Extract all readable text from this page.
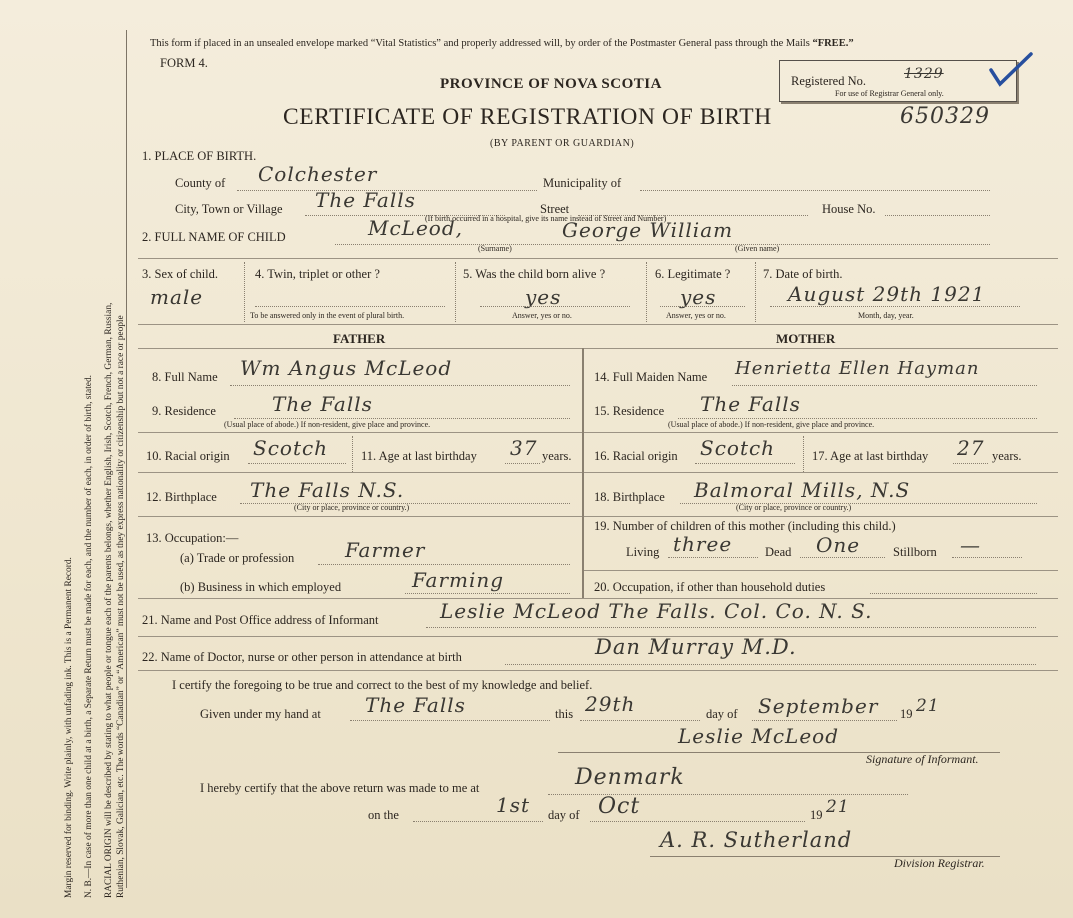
Margin reserved for binding. Write plainly, with unfading ink. This is a Permanent Record. N. B.—In case of more than one child at a birth, a Separate Return must be made for each, and the number of each, in order of birth, stated. RACIAL ORIGIN will be described by stating to what people or tongue each of the parents belongs, whether English, Irish, Scotch, French, German, Russian, Ruthenian, Slovak, Galician, etc. The words “Canadian” or “American” must not be used, as they express nationality or citizenship but not a race or people
This form if placed in an unsealed envelope marked “Vital Statistics” and properly addressed will, by order of the Postmaster General pass through the Mails “FREE.”
FORM 4.
PROVINCE OF NOVA SCOTIA
CERTIFICATE OF REGISTRATION OF BIRTH
(BY PARENT OR GUARDIAN)
Registered No.	1329
For use of Registrar General only.
650329
1. PLACE OF BIRTH.
County of Colchester	Municipality of
City, Town or Village The Falls	Street	House No.
(If birth occurred in a hospital, give its name instead of Street and Number)
2. FULL NAME OF CHILD	McLeod,	George William
(Surname)	(Given name)
3. Sex of child.
male
4. Twin, triplet or other ?
To be answered only in the event of plural birth.
5. Was the child born alive ?
yes
Answer, yes or no.
6. Legitimate ?
yes
Answer, yes or no.
7. Date of birth.
August 29th 1921
Month, day, year.
FATHER	MOTHER
8. Full Name Wm Angus McLeod
9. Residence	The Falls
(Usual place of abode.) If non-resident, give place and province.
10. Racial origin Scotch	11. Age at last birthday 37 years.
12. Birthplace The Falls N.S.
(City or place, province or country.)
13. Occupation:—
(a) Trade or profession	Farmer
(b) Business in which employed	Farming
14. Full Maiden Name Henrietta Ellen Hayman
15. Residence The Falls
(Usual place of abode.) If non-resident, give place and province.
16. Racial origin Scotch	17. Age at last birthday 27 years.
18. Birthplace Balmoral Mills, N.S
(City or place, province or country.)
19. Number of children of this mother (including this child.)
Living three	Dead One	Stillborn —
20. Occupation, if other than household duties
21. Name and Post Office address of Informant	Leslie McLeod The Falls. Col. Co. N. S.
22. Name of Doctor, nurse or other person in attendance at birth	Dan Murray M.D.
I certify the foregoing to be true and correct to the best of my knowledge and belief.
Given under my hand at The Falls	this 29th	day of September 19 21
Leslie McLeod
Signature of Informant.
I hereby certify that the above return was made to me at	Denmark
on the	1st day of Oct	19 21
A. R. Sutherland
Division Registrar.
